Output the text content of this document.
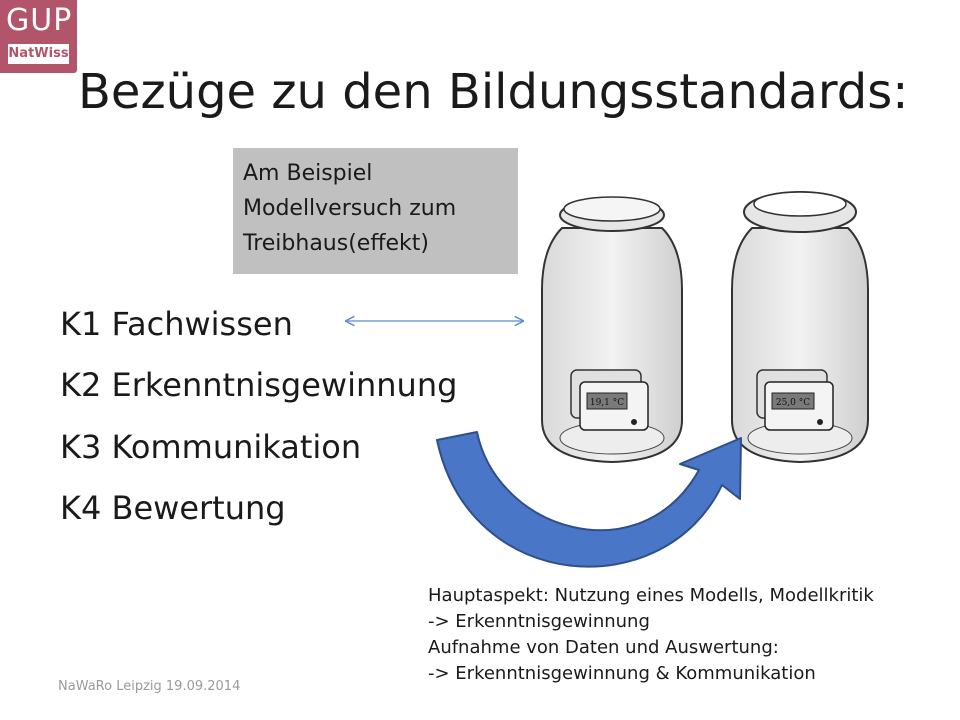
GUP
NatWiss
Bezüge zu den Bildungsstandards:
Am Beispiel
Modellversuch zum
Treibhaus(effekt)
19,1 °C	25,0 °C
K1 Fachwissen
K2 Erkenntnisgewinnung
K3 Kommunikation
K4 Bewertung
Hauptaspekt: Nutzung eines Modells, Modellkritik
-> Erkenntnisgewinnung
Aufnahme von Daten und Auswertung:
-> Erkenntnisgewinnung & Kommunikation
NaWaRo Leipzig 19.09.2014
